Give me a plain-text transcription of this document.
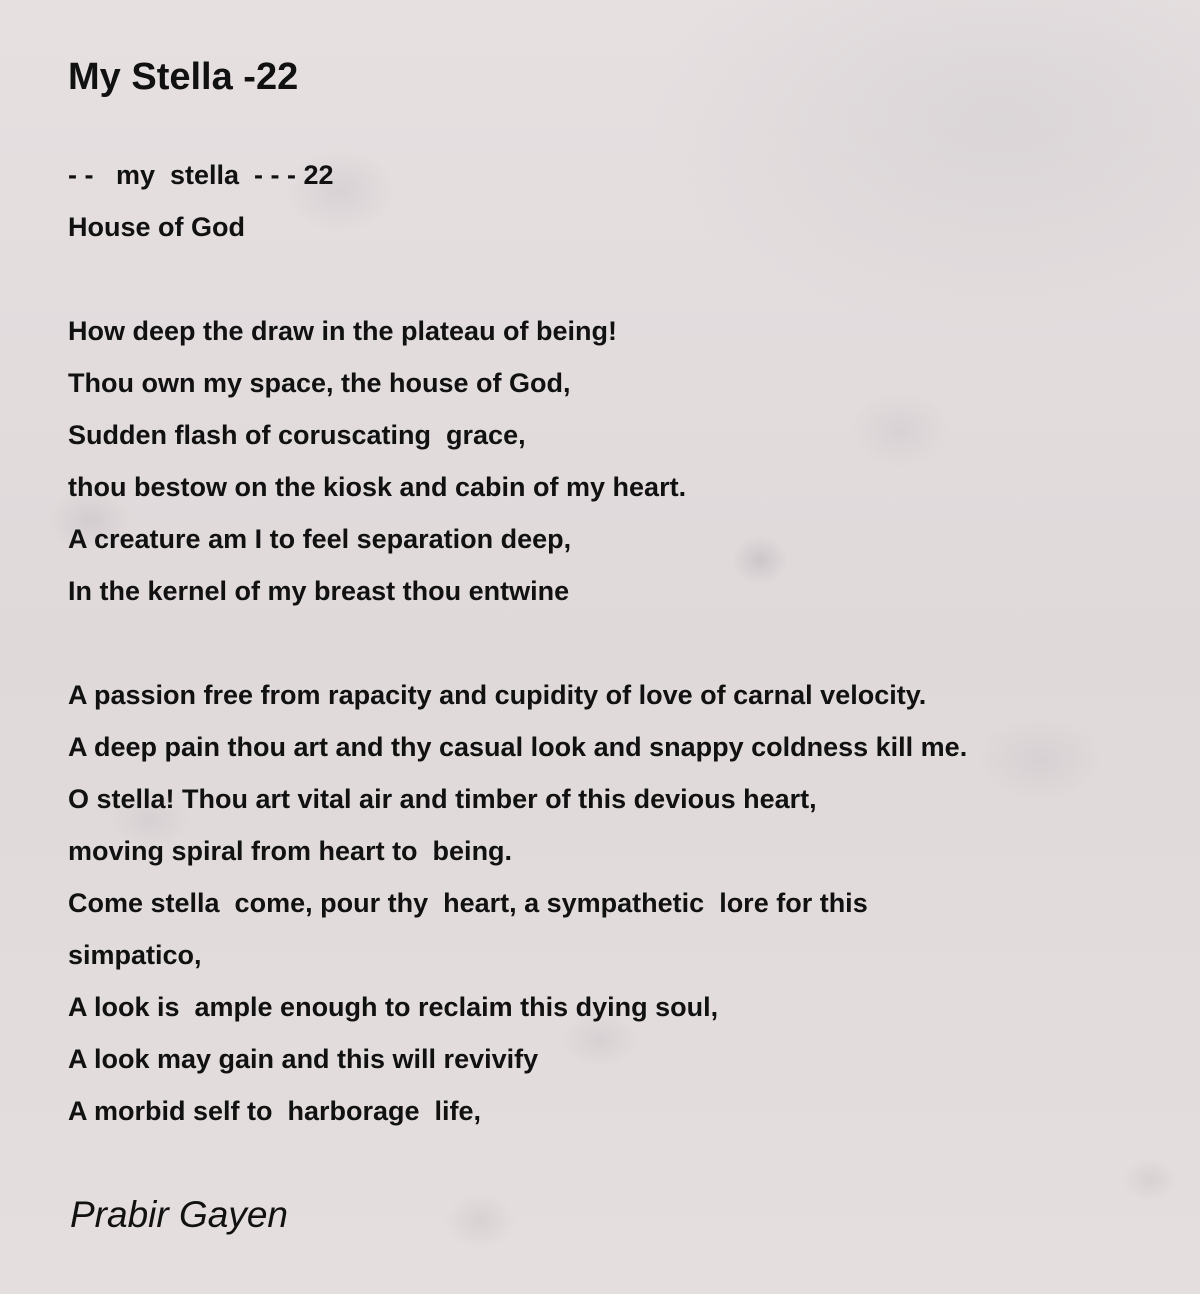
My Stella -22
- -   my  stella  - - - 22
House of God
How deep the draw in the plateau of being!
Thou own my space, the house of God,
Sudden flash of coruscating  grace,
thou bestow on the kiosk and cabin of my heart.
A creature am I to feel separation deep,
In the kernel of my breast thou entwine
A passion free from rapacity and cupidity of love of carnal velocity.
A deep pain thou art and thy casual look and snappy coldness kill me.
O stella! Thou art vital air and timber of this devious heart,
moving spiral from heart to  being.
Come stella  come, pour thy  heart, a sympathetic  lore for this
simpatico,
A look is  ample enough to reclaim this dying soul,
A look may gain and this will revivify
A morbid self to  harborage  life,
Prabir Gayen
